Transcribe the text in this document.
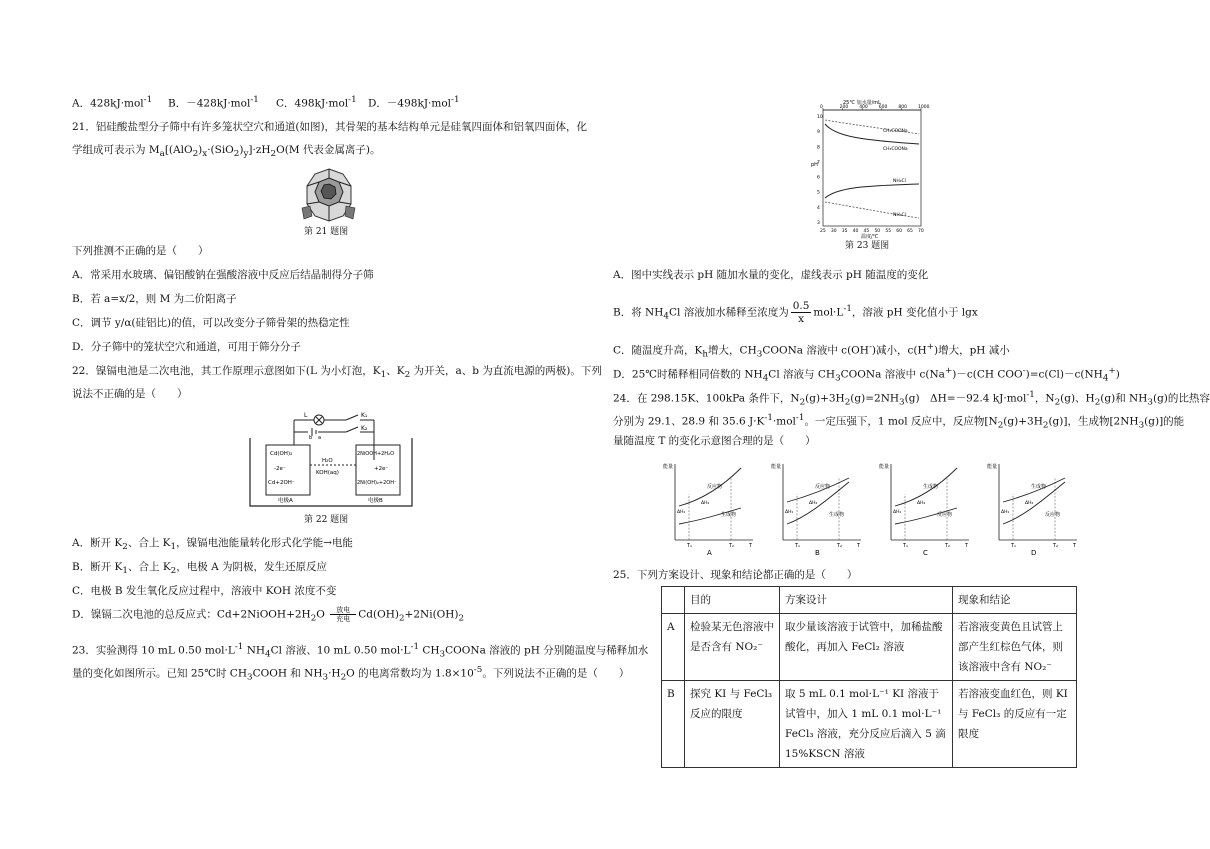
A．428kJ·mol$^{-1}$ B．－428kJ·mol$^{-1}$ C．498kJ·mol$^{-1}$ D．－498kJ·mol$^{-1}$
21．铝硅酸盐型分子筛中有许多笼状空穴和通道(如图)，其骨架的基本结构单元是硅氧四面体和铝氧四面体，化
学组成可表示为 $M_a[(AlO_2)_x\cdot(SiO_2)_y]\cdot zH_2O(M$ 代表金属离子)。
第 21 题图
下列推测不正确的是（　　）
A．常采用水玻璃、偏铝酸钠在强酸溶液中反应后结晶制得分子筛
B．若 a=x/2，则 M 为二价阳离子
C．调节 y/α(硅铝比)的值，可以改变分子筛骨架的热稳定性
D．分子筛中的笼状空穴和通道，可用于筛分分子
22．镍镉电池是二次电池，其工作原理示意图如下(L 为小灯泡，$K_1$、$K_2$ 为开关，a、b 为直流电源的两极)。下列
说法不正确的是（　　）
L	K₁
b a
K₂
Cd(OH)₂
-2e⁻
Cd+2OH⁻
H₂O
KOH(aq)
2NiOOH+2H₂O
+2e⁻
2Ni(OH)₂+2OH⁻
电极A	电极B
第 22 题图
A．断开 $K_2$、合上 $K_1$，镍镉电池能量转化形式化学能→电能
B．断开 $K_1$、合上 $K_2$，电极 A 为阴极，发生还原反应
C．电极 B 发生氧化反应过程中，溶液中 KOH 浓度不变
D．镍镉二次电池的总反应式：$Cd+2NiOOH+2H_2O$	放电
充电 $Cd(OH)_2+2Ni(OH)_2$
23．实验测得 10 mL 0.50 $mol\cdot L^{-1}$ $NH_4Cl$ 溶液、10 mL 0.50 $mol\cdot L^{-1}$ $CH_3COONa$ 溶液的 pH 分别随温度与稀释加水
量的变化如图所示。已知 25℃时 $CH_3COOH$ 和 $NH_3\cdot H_2O$ 的电离常数均为 $1.8\times 10^{-5}$。下列说法不正确的是（　　）
25℃ 加水量/mL
0	200 400 600 800 1000
pH
10
9
8
7
6
5
4
3
25 30 35 40 45 50 55 60 65 70
温度/℃
CH₃COONa
CH₃COONa
NH₄Cl
NH₄Cl
第 23 题图
A．图中实线表示 pH 随加水量的变化，虚线表示 pH 随温度的变化
B．将 $NH_4Cl$ 溶液加水稀释至浓度为 $\frac{0.5}{x} mol\cdot L^{-1}$，溶液 pH 变化值小于 lgx
C．随温度升高，$K_h$增大，$CH_3COONa$ 溶液中 c(OH-)减小，c(H+)增大，pH 减小
D．25℃时稀释相同倍数的 $NH_4Cl$ 溶液与 $CH_3COONa$ 溶液中 c(Na+)－c(CH $COO^-)=c(Cl)-c(NH_4^+)$
24．在 298.15K、100kPa 条件下，$N_2(g)+3H_2(g)=2NH_3(g)$　ΔH=－92.4 kJ·mol$^{-1}$，$N_2(g)$、$H_2(g)$和 $NH_3(g)$的比热容
分别为 29.1、28.9 和 35.6 $J\cdot K^{-1}\cdot mol^{-1}$。一定压强下，1 mol 反应中，反应物$[N_2(g)+3H_2(g)]$，生成物$[2NH_3(g)]$的能
量随温度 T 的变化示意图合理的是（　　）
能量
T
T₁	T₂
反应物
生成物
ΔH₁
ΔH₂
A
能量
T
T₁	T₂
反应物
生成物
ΔH₁
ΔH₂
B
能量
T
T₁	T₂
生成物
反应物
ΔH₁
ΔH₂
C
能量
T
T₁	T₂
生成物
反应物
ΔH₁
ΔH₂
D
25．下列方案设计、现象和结论都正确的是（　　）
	目的	方案设计	现象和结论
A	检验某无色溶液中是否含有 NO₂⁻	取少量该溶液于试管中，加稀盐酸酸化，再加入 FeCl₂ 溶液	若溶液变黄色且试管上部产生红棕色气体，则该溶液中含有 NO₂⁻
B	探究 KI 与 FeCl₃ 反应的限度	取 5 mL 0.1 mol·L⁻¹ KI 溶液于试管中，加入 1 mL 0.1 mol·L⁻¹ FeCl₃ 溶液，充分反应后滴入 5 滴 15%KSCN 溶液	若溶液变血红色，则 KI 与 FeCl₃ 的反应有一定限度
